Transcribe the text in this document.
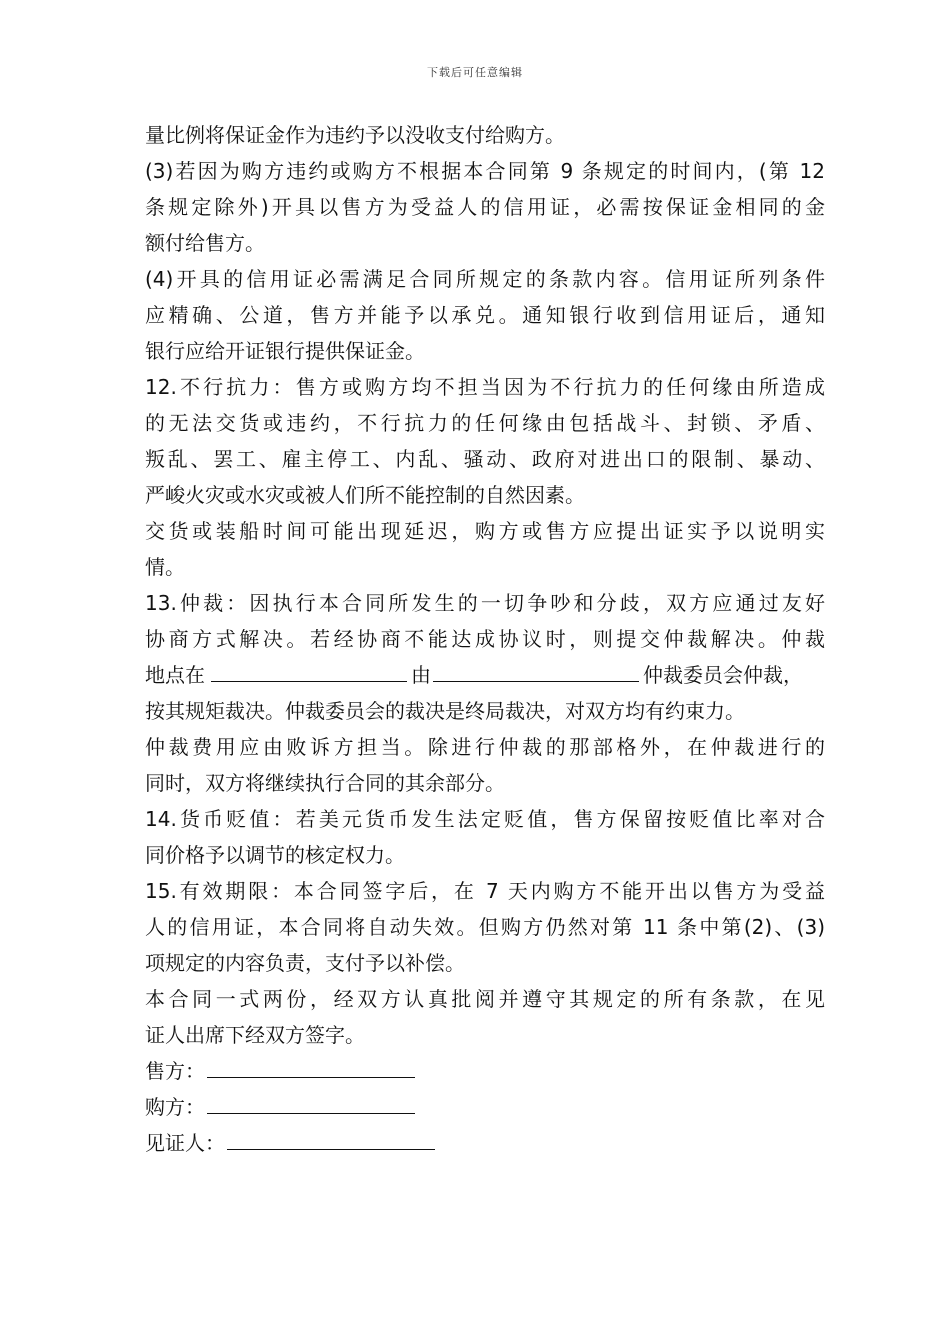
下载后可任意编辑
量比例将保证金作为违约予以没收支付给购方。
(3)若因为购方违约或购方不根据本合同第 9 条规定的时间内，(第 12
条规定除外)开具以售方为受益人的信用证，必需按保证金相同的金
额付给售方。
(4)开具的信用证必需满足合同所规定的条款内容。信用证所列条件
应精确、公道，售方并能予以承兑。通知银行收到信用证后，通知
银行应给开证银行提供保证金。
12.不行抗力：售方或购方均不担当因为不行抗力的任何缘由所造成
的无法交货或违约，不行抗力的任何缘由包括战斗、封锁、矛盾、
叛乱、罢工、雇主停工、内乱、骚动、政府对进出口的限制、暴动、
严峻火灾或水灾或被人们所不能控制的自然因素。
交货或装船时间可能出现延迟，购方或售方应提出证实予以说明实
情。
13.仲裁：因执行本合同所发生的一切争吵和分歧，双方应通过友好
协商方式解决。若经协商不能达成协议时，则提交仲裁解决。仲裁
地点在	由	仲裁委员会仲裁，
按其规矩裁决。仲裁委员会的裁决是终局裁决，对双方均有约束力。
仲裁费用应由败诉方担当。除进行仲裁的那部格外，在仲裁进行的
同时，双方将继续执行合同的其余部分。
14.货币贬值：若美元货币发生法定贬值，售方保留按贬值比率对合
同价格予以调节的核定权力。
15.有效期限：本合同签字后，在 7 天内购方不能开出以售方为受益
人的信用证，本合同将自动失效。但购方仍然对第 11 条中第(2)、(3)
项规定的内容负责，支付予以补偿。
本合同一式两份，经双方认真批阅并遵守其规定的所有条款，在见
证人出席下经双方签字。
售方：
购方：
见证人：
